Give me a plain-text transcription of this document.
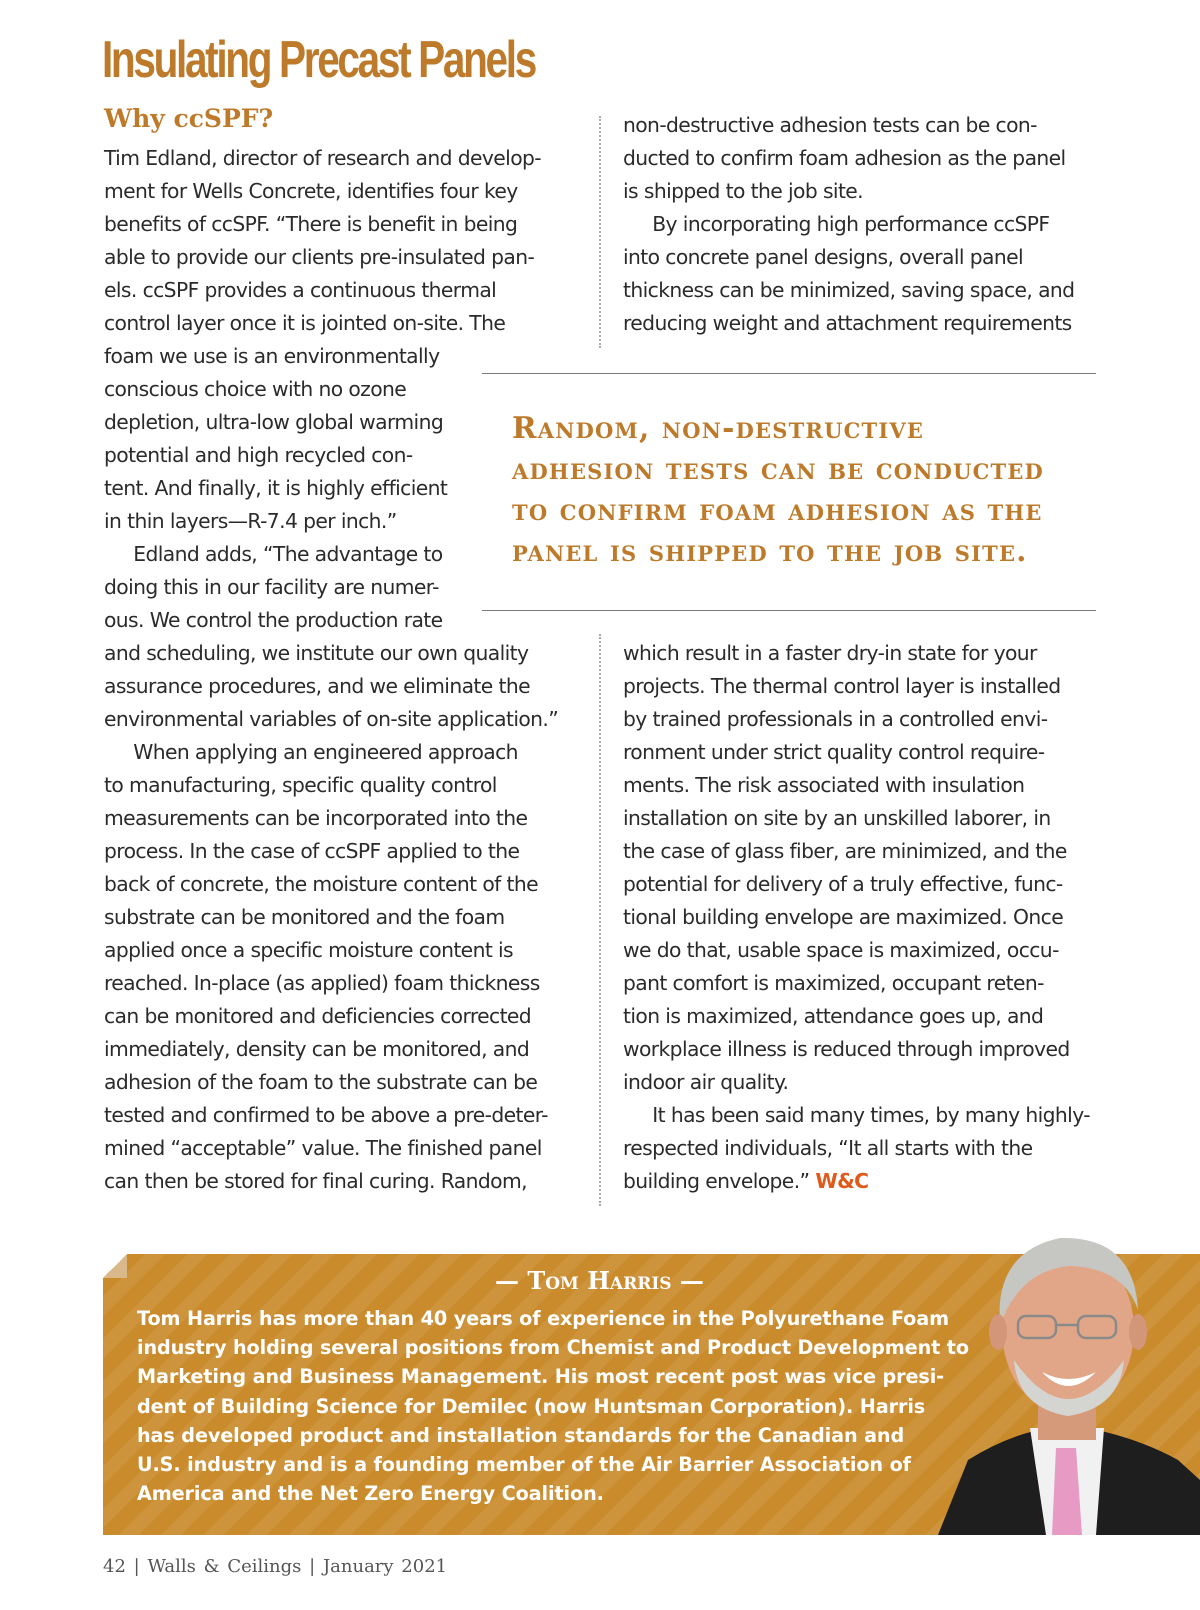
Insulating Precast Panels
Why ccSPF?

Tim Edland, director of research and develop-
ment for Wells Concrete, identifies four key
benefits of ccSPF. “There is benefit in being
able to provide our clients pre-insulated pan-
els. ccSPF provides a continuous thermal
control layer once it is jointed on-site. The

foam we use is an environmentally
conscious choice with no ozone
depletion, ultra-low global warming
potential and high recycled con-
tent. And finally, it is highly efficient
in thin layers—R-7.4 per inch.”
Edland adds, “The advantage to
doing this in our facility are numer-
ous. We control the production rate

and scheduling, we institute our own quality
assurance procedures, and we eliminate the
environmental variables of on-site application.”
When applying an engineered approach
to manufacturing, specific quality control
measurements can be incorporated into the
process. In the case of ccSPF applied to the
back of concrete, the moisture content of the
substrate can be monitored and the foam
applied once a specific moisture content is
reached. In-place (as applied) foam thickness
can be monitored and deficiencies corrected
immediately, density can be monitored, and
adhesion of the foam to the substrate can be
tested and confirmed to be above a pre-deter-
mined “acceptable” value. The finished panel
can then be stored for final curing. Random,

non-destructive adhesion tests can be con-
ducted to confirm foam adhesion as the panel
is shipped to the job site.
By incorporating high performance ccSPF
into concrete panel designs, overall panel
thickness can be minimized, saving space, and
reducing weight and attachment requirements

Random, non-destructive
adhesion tests can be conducted
to confirm foam adhesion as the
panel is shipped to the job site.

which result in a faster dry-in state for your
projects. The thermal control layer is installed
by trained professionals in a controlled envi-
ronment under strict quality control require-
ments. The risk associated with insulation
installation on site by an unskilled laborer, in
the case of glass fiber, are minimized, and the
potential for delivery of a truly effective, func-
tional building envelope are maximized. Once
we do that, usable space is maximized, occu-
pant comfort is maximized, occupant reten-
tion is maximized, attendance goes up, and
workplace illness is reduced through improved
indoor air quality.
It has been said many times, by many highly-
respected individuals, “It all starts with the
building envelope.” W&C

— Tom Harris —

Tom Harris has more than 40 years of experience in the Polyurethane Foam
industry holding several positions from Chemist and Product Development to
Marketing and Business Management. His most recent post was vice presi-
dent of Building Science for Demilec (now Huntsman Corporation). Harris
has developed product and installation standards for the Canadian and
U.S. industry and is a founding member of the Air Barrier Association of
America and the Net Zero Energy Coalition.

42 | Walls & Ceilings | January 2021
